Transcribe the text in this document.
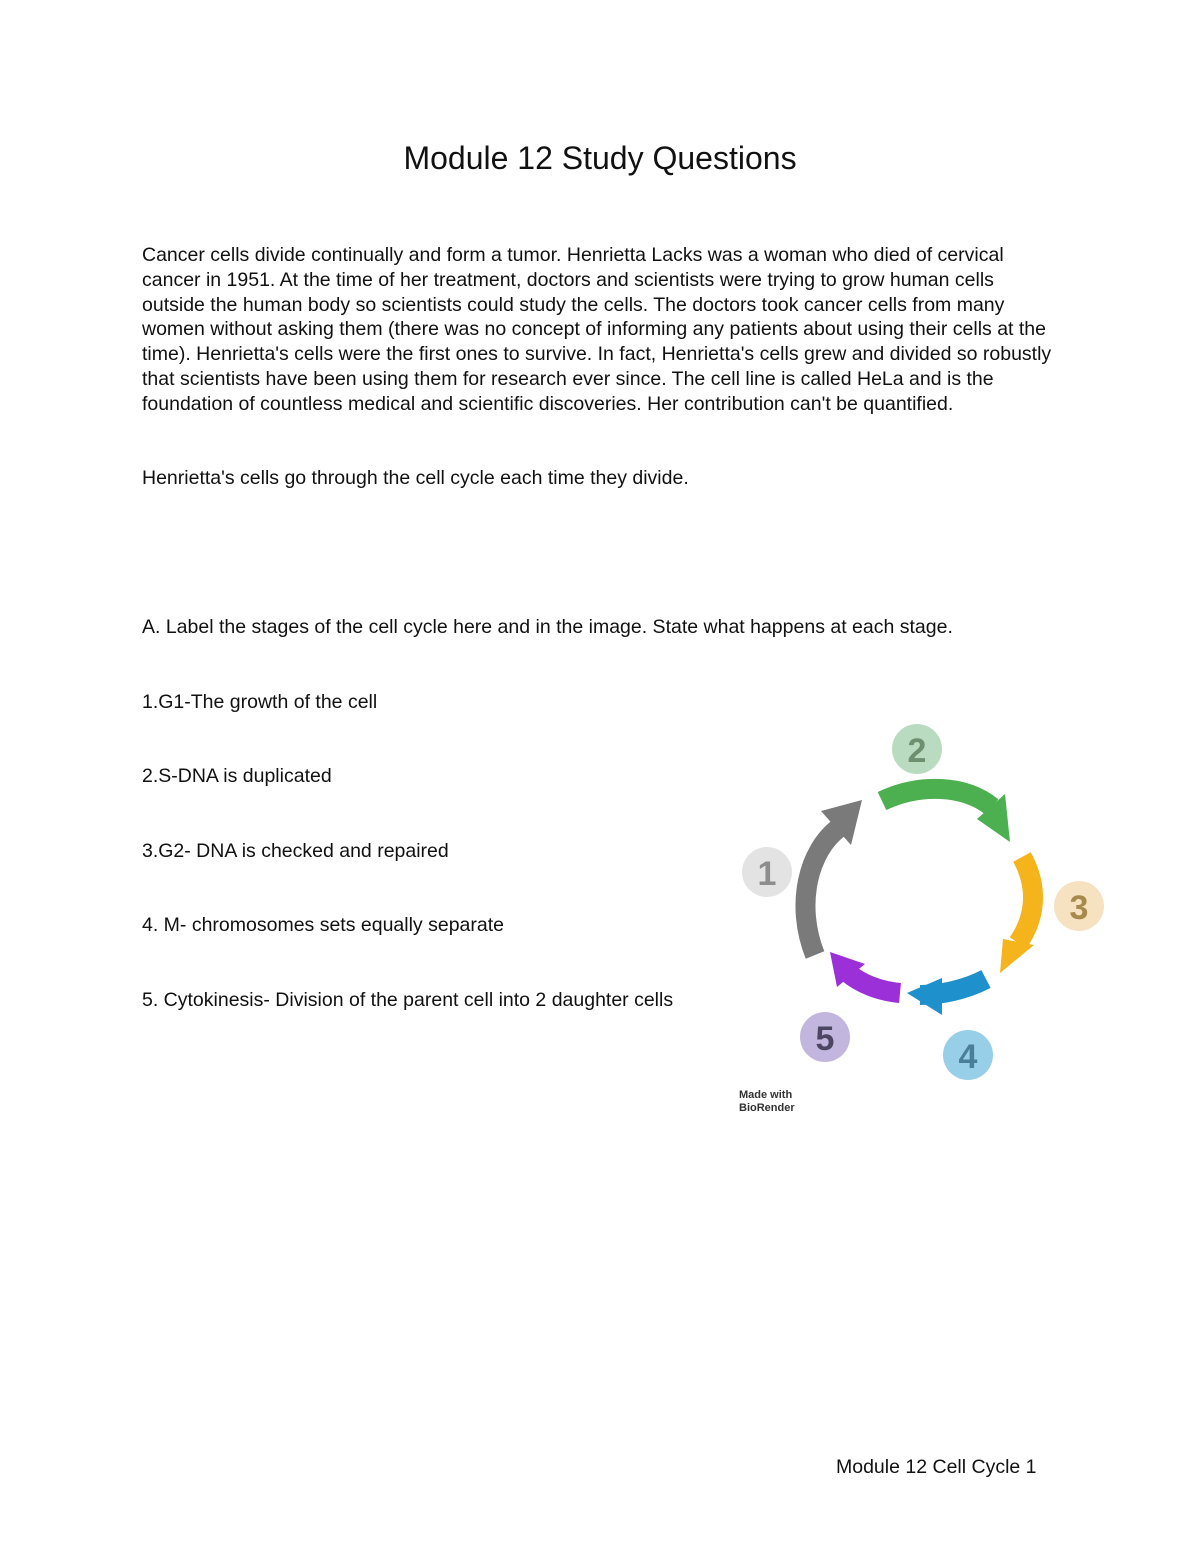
Module 12 Study Questions

Cancer cells divide continually and form a tumor. Henrietta Lacks was a woman who died of cervical cancer in 1951. At the time of her treatment, doctors and scientists were trying to grow human cells outside the human body so scientists could study the cells. The doctors took cancer cells from many women without asking them (there was no concept of informing any patients about using their cells at the time). Henrietta's cells were the first ones to survive. In fact, Henrietta's cells grew and divided so robustly that scientists have been using them for research ever since. The cell line is called HeLa and is the foundation of countless medical and scientific discoveries. Her contribution can't be quantified.

Henrietta's cells go through the cell cycle each time they divide.

A. Label the stages of the cell cycle here and in the image. State what happens at each stage.

1.G1-The growth of the cell
2.S-DNA is duplicated
3.G2- DNA is checked and repaired
4. M- chromosomes sets equally separate
5. Cytokinesis- Division of the parent cell into 2 daughter cells
1
2
3
4
5
Made with
BioRender

Module 12 Cell Cycle 1
